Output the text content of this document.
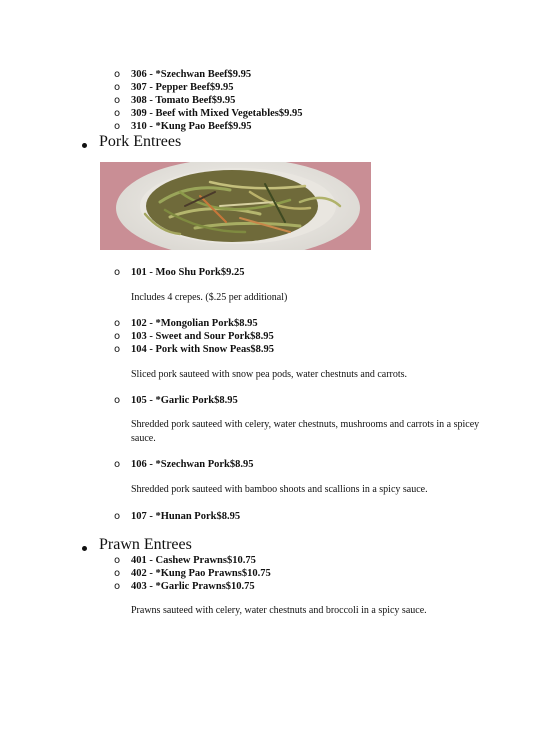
o 306 - *Szechwan Beef$9.95
o 307 - Pepper Beef$9.95
o 308 - Tomato Beef$9.95
o 309 - Beef with Mixed Vegetables$9.95
o 310 - *Kung Pao Beef$9.95
Pork Entrees
o 101 - Moo Shu Pork$9.25
Includes 4 crepes. ($.25 per additional)
o 102 - *Mongolian Pork$8.95
o 103 - Sweet and Sour Pork$8.95
o 104 - Pork with Snow Peas$8.95
Sliced pork sauteed with snow pea pods, water chestnuts and carrots.
o 105 - *Garlic Pork$8.95
Shredded pork sauteed with celery, water chestnuts, mushrooms and carrots in a spicey sauce.
o 106 - *Szechwan Pork$8.95
Shredded pork sauteed with bamboo shoots and scallions in a spicy sauce.
o 107 - *Hunan Pork$8.95
Prawn Entrees
o 401 - Cashew Prawns$10.75
o 402 - *Kung Pao Prawns$10.75
o 403 - *Garlic Prawns$10.75
Prawns sauteed with celery, water chestnuts and broccoli in a spicy sauce.
